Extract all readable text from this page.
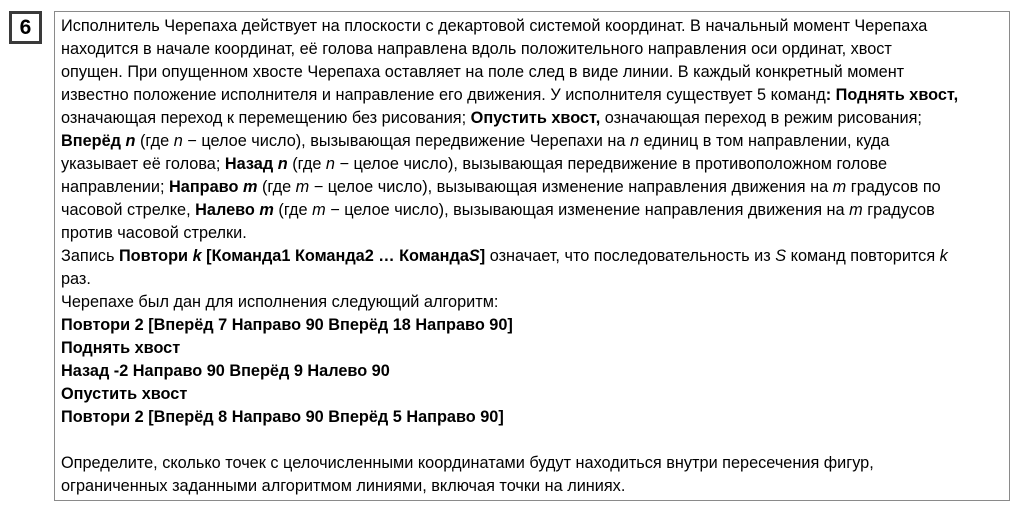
6	Исполнитель Черепаха действует на плоскости с декартовой системой координат. В начальный момент Черепаха

находится в начале координат, её голова направлена вдоль положительного направления оси ординат, хвост

опущен. При опущенном хвосте Черепаха оставляет на поле след в виде линии. В каждый конкретный момент

известно положение исполнителя и направление его движения. У исполнителя существует 5 команд: Поднять хвост,

означающая переход к перемещению без рисования; Опустить хвост, означающая переход в режим рисования;

Вперёд n (где n − целое число), вызывающая передвижение Черепахи на n единиц в том направлении, куда

указывает её голова; Назад n (где n − целое число), вызывающая передвижение в противоположном голове

направлении; Направо m (где m − целое число), вызывающая изменение направления движения на m градусов по

часовой стрелке, Налево m (где m − целое число), вызывающая изменение направления движения на m градусов

против часовой стрелки.

Запись Повтори k [Команда1 Команда2 … КомандаS] означает, что последовательность из S команд повторится k

раз.

Черепахе был дан для исполнения следующий алгоритм:

Повтори 2 [Вперёд 7 Направо 90 Вперёд 18 Направо 90]

Поднять хвост

Назад -2 Направо 90 Вперёд 9 Налево 90

Опустить хвост

Повтори 2 [Вперёд 8 Направо 90 Вперёд 5 Направо 90]

Определите, сколько точек с целочисленными координатами будут находиться внутри пересечения фигур,

ограниченных заданными алгоритмом линиями, включая точки на линиях.
